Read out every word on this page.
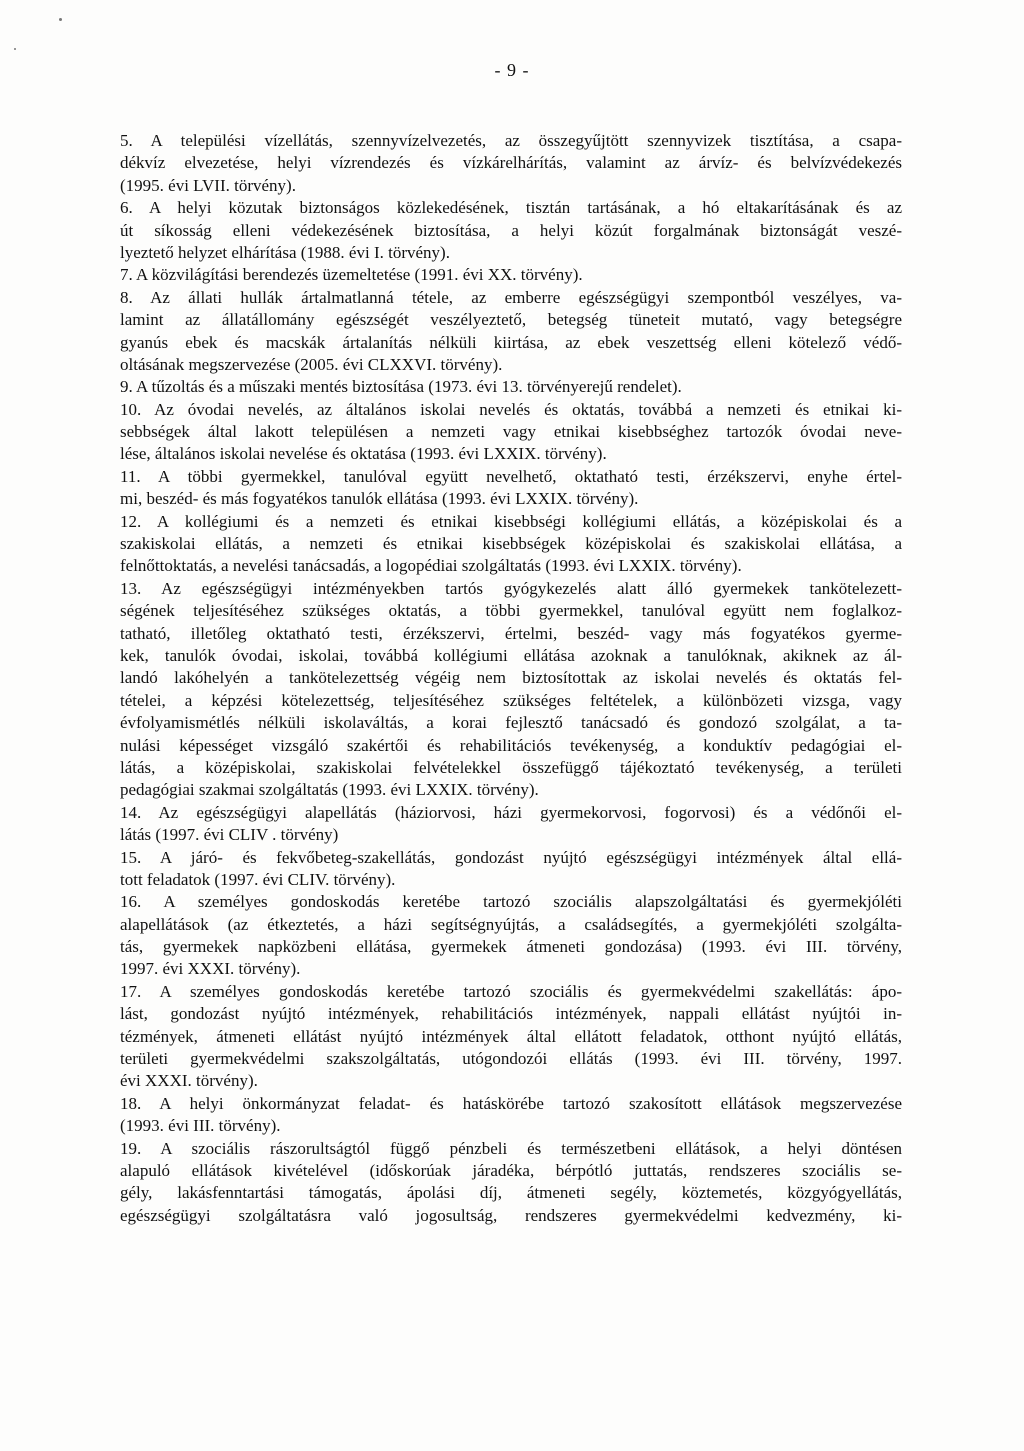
- 9 -
5. A települési vízellátás, szennyvízelvezetés, az összegyűjtött szennyvizek tisztítása, a csapa-
dékvíz elvezetése, helyi vízrendezés és vízkárelhárítás, valamint az árvíz- és belvízvédekezés
(1995. évi LVII. törvény).
6. A helyi közutak biztonságos közlekedésének, tisztán tartásának, a hó eltakarításának és az
út síkosság elleni védekezésének biztosítása, a helyi közút forgalmának biztonságát veszé-
lyeztető helyzet elhárítása (1988. évi I. törvény).
7. A közvilágítási berendezés üzemeltetése (1991. évi XX. törvény).
8. Az állati hullák ártalmatlanná tétele, az emberre egészségügyi szempontból veszélyes, va-
lamint az állatállomány egészségét veszélyeztető, betegség tüneteit mutató, vagy betegségre
gyanús ebek és macskák ártalanítás nélküli kiirtása, az ebek veszettség elleni kötelező védő-
oltásának megszervezése (2005. évi CLXXVI. törvény).
9. A tűzoltás és a műszaki mentés biztosítása (1973. évi 13. törvényerejű rendelet).
10. Az óvodai nevelés, az általános iskolai nevelés és oktatás, továbbá a nemzeti és etnikai ki-
sebbségek által lakott településen a nemzeti vagy etnikai kisebbséghez tartozók óvodai neve-
lése, általános iskolai nevelése és oktatása (1993. évi LXXIX. törvény).
11. A többi gyermekkel, tanulóval együtt nevelhető, oktatható testi, érzékszervi, enyhe értel-
mi, beszéd- és más fogyatékos tanulók ellátása (1993. évi LXXIX. törvény).
12. A kollégiumi és a nemzeti és etnikai kisebbségi kollégiumi ellátás, a középiskolai és a
szakiskolai ellátás, a nemzeti és etnikai kisebbségek középiskolai és szakiskolai ellátása, a
felnőttoktatás, a nevelési tanácsadás, a logopédiai szolgáltatás (1993. évi LXXIX. törvény).
13. Az egészségügyi intézményekben tartós gyógykezelés alatt álló gyermekek tankötelezett-
ségének teljesítéséhez szükséges oktatás, a többi gyermekkel, tanulóval együtt nem foglalkoz-
tatható, illetőleg oktatható testi, érzékszervi, értelmi, beszéd- vagy más fogyatékos gyerme-
kek, tanulók óvodai, iskolai, továbbá kollégiumi ellátása azoknak a tanulóknak, akiknek az ál-
landó lakóhelyén a tankötelezettség végéig nem biztosítottak az iskolai nevelés és oktatás fel-
tételei, a képzési kötelezettség, teljesítéséhez szükséges feltételek, a különbözeti vizsga, vagy
évfolyamismétlés nélküli iskolaváltás, a korai fejlesztő tanácsadó és gondozó szolgálat, a ta-
nulási képességet vizsgáló szakértői és rehabilitációs tevékenység, a konduktív pedagógiai el-
látás, a középiskolai, szakiskolai felvételekkel összefüggő tájékoztató tevékenység, a területi
pedagógiai szakmai szolgáltatás (1993. évi LXXIX. törvény).
14. Az egészségügyi alapellátás (háziorvosi, házi gyermekorvosi, fogorvosi) és a védőnői el-
látás (1997. évi CLIV . törvény)
15. A járó- és fekvőbeteg-szakellátás, gondozást nyújtó egészségügyi intézmények által ellá-
tott feladatok (1997. évi CLIV. törvény).
16. A személyes gondoskodás keretébe tartozó szociális alapszolgáltatási és gyermekjóléti
alapellátások (az étkeztetés, a házi segítségnyújtás, a családsegítés, a gyermekjóléti szolgálta-
tás, gyermekek napközbeni ellátása, gyermekek átmeneti gondozása) (1993. évi III. törvény,
1997. évi XXXI. törvény).
17. A személyes gondoskodás keretébe tartozó szociális és gyermekvédelmi szakellátás: ápo-
lást, gondozást nyújtó intézmények, rehabilitációs intézmények, nappali ellátást nyújtói in-
tézmények, átmeneti ellátást nyújtó intézmények által ellátott feladatok, otthont nyújtó ellátás,
területi gyermekvédelmi szakszolgáltatás, utógondozói ellátás (1993. évi III. törvény, 1997.
évi XXXI. törvény).
18. A helyi önkormányzat feladat- és hatáskörébe tartozó szakosított ellátások megszervezése
(1993. évi III. törvény).
19. A szociális rászorultságtól függő pénzbeli és természetbeni ellátások, a helyi döntésen
alapuló ellátások kivételével (időskorúak járadéka, bérpótló juttatás, rendszeres szociális se-
gély, lakásfenntartási támogatás, ápolási díj, átmeneti segély, köztemetés, közgyógyellátás,
egészségügyi szolgáltatásra való jogosultság, rendszeres gyermekvédelmi kedvezmény, ki-
